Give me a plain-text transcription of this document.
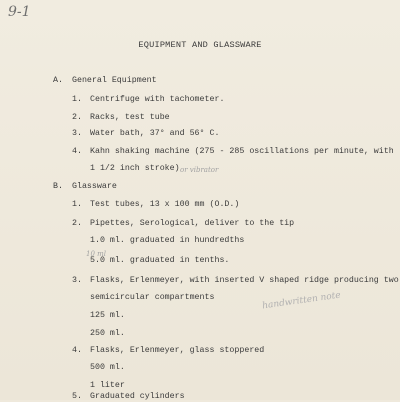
9-1
EQUIPMENT AND GLASSWARE
A. General Equipment
1. Centrifuge with tachometer.
2. Racks, test tube
3. Water bath, 37° and 56° C.
4. Kahn shaking machine (275 - 285 oscillations per minute, with
1 1/2 inch stroke) or vibrator
B. Glassware
1. Test tubes, 13 x 100 mm (O.D.)
2. Pipettes, Serological, deliver to the tip
1.0 ml. graduated in hundredths
10 ml
5.0 ml. graduated in tenths.
3. Flasks, Erlenmeyer, with inserted V shaped ridge producing two
semicircular compartments
125 ml.
250 ml.
handwritten note
4. Flasks, Erlenmeyer, glass stoppered
500 ml.
1 liter
5. Graduated cylinders
